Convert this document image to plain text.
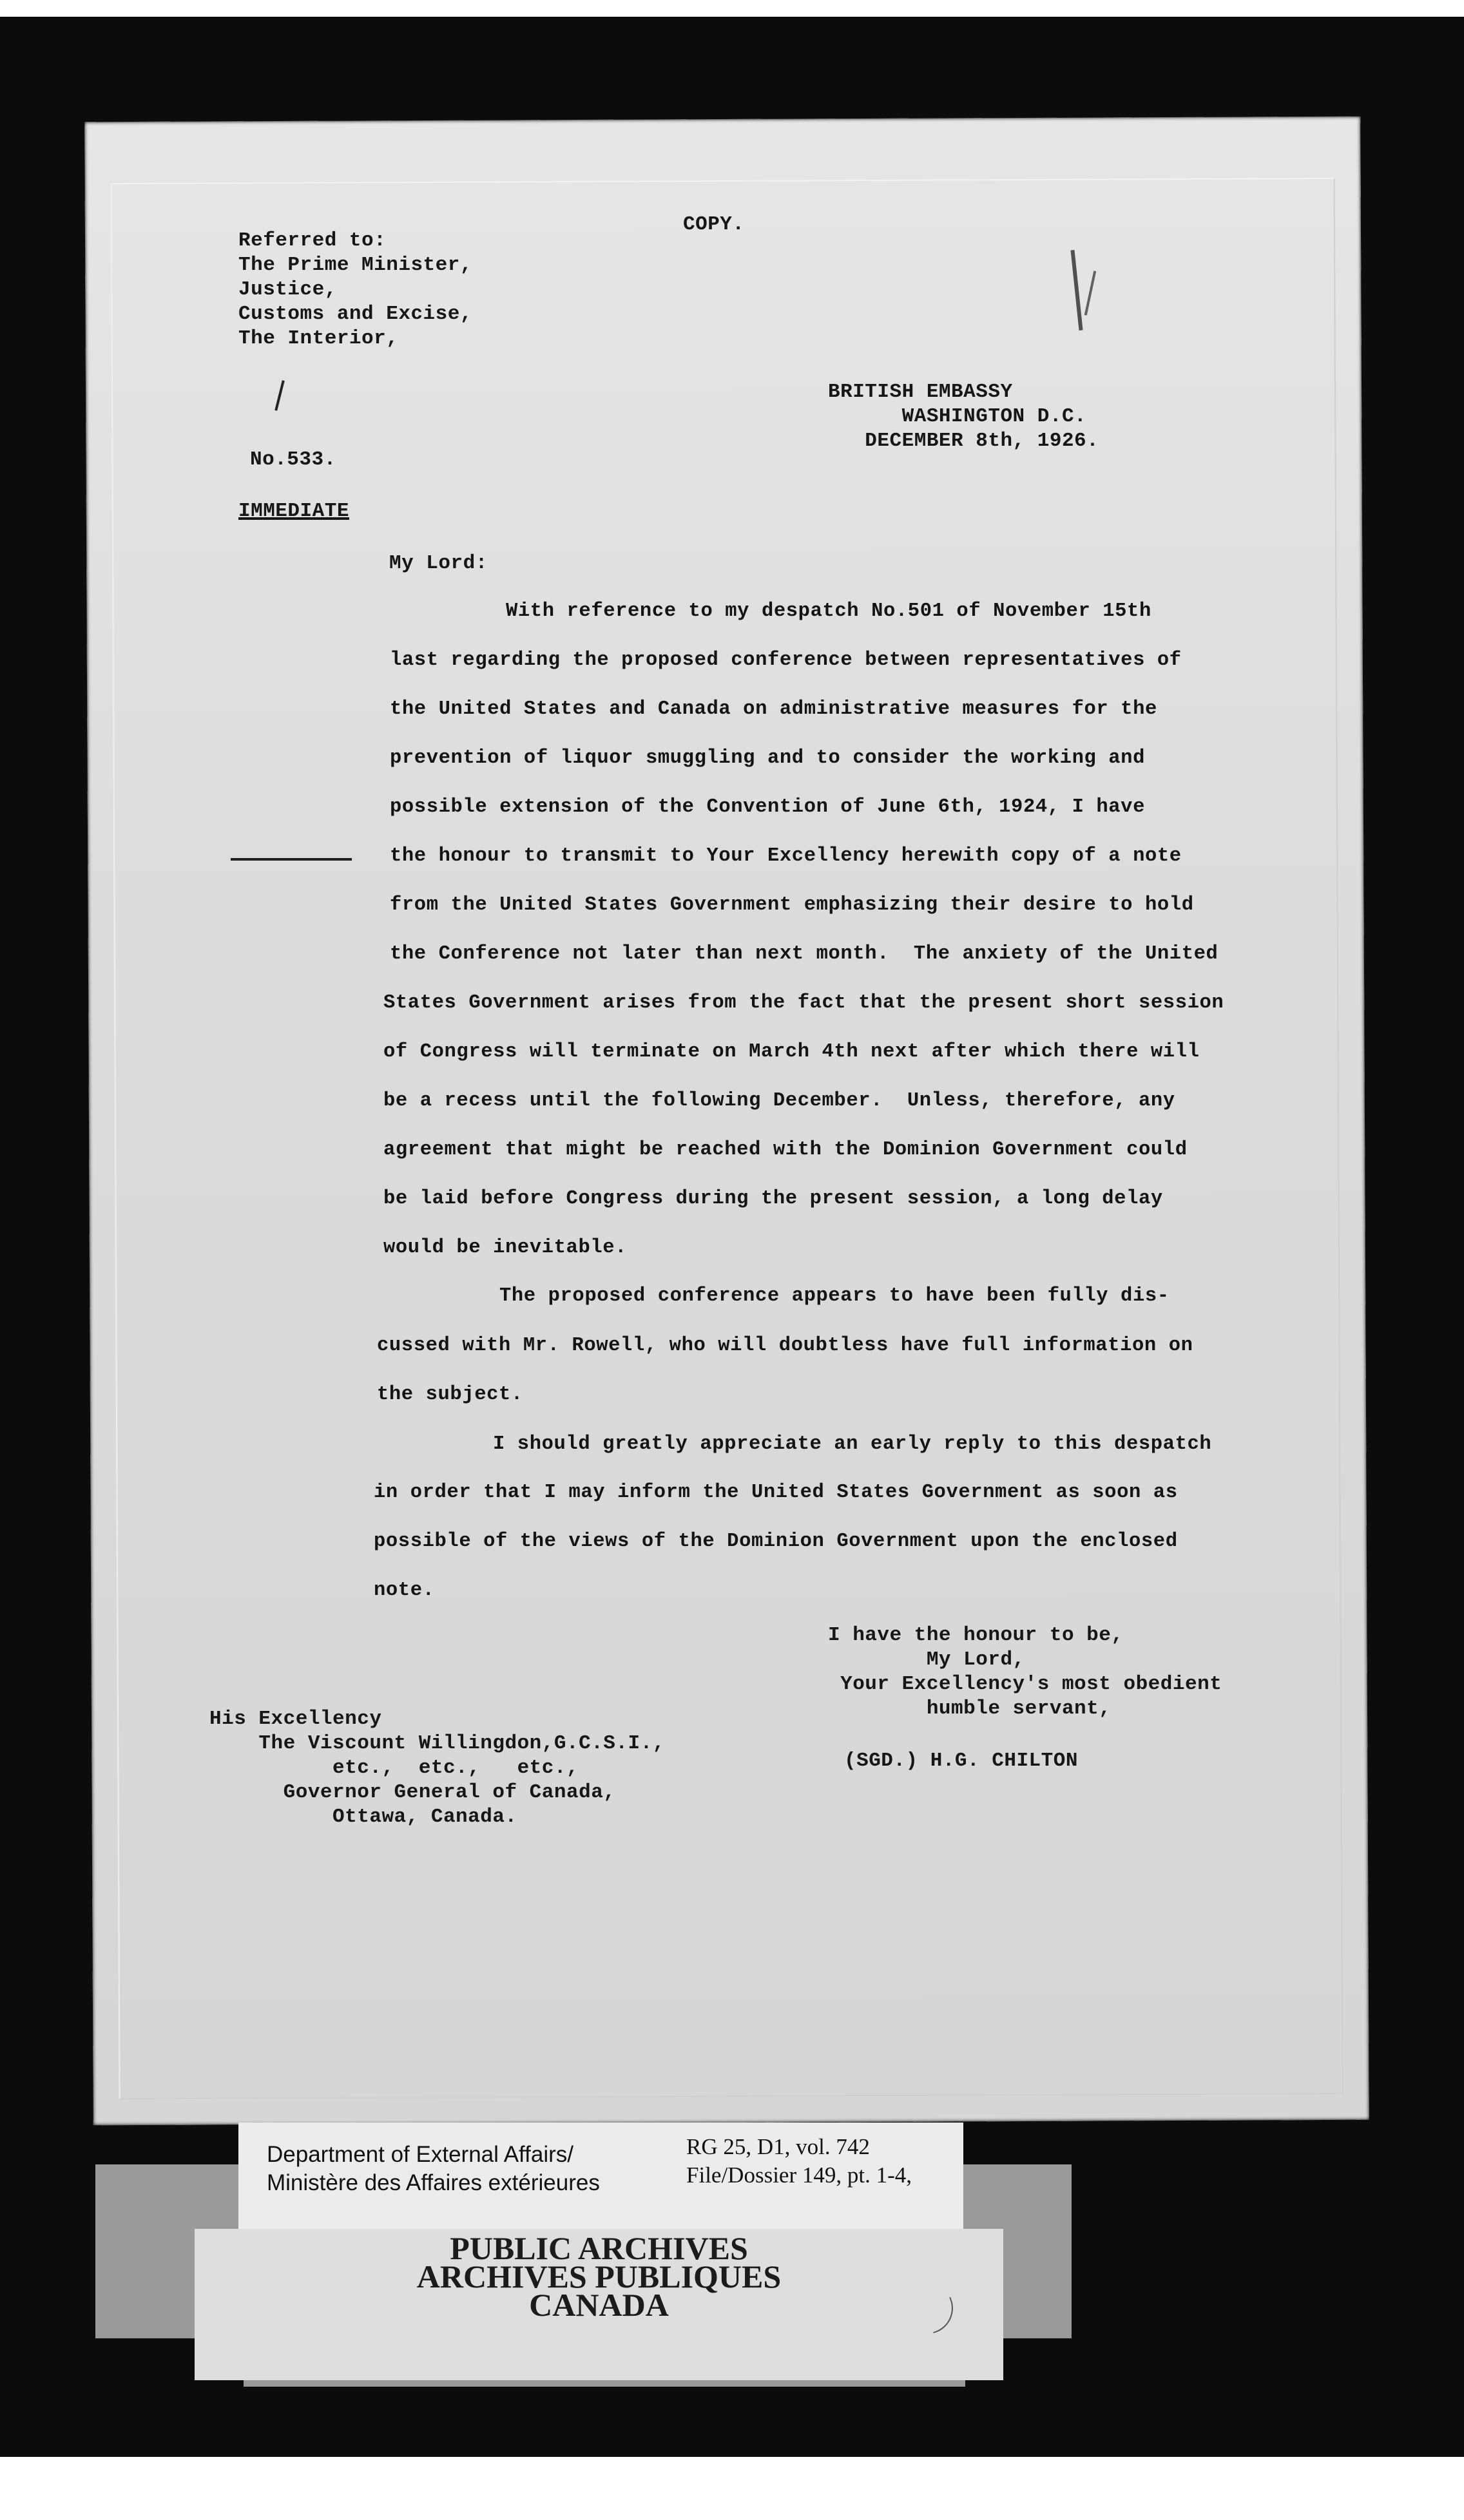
COPY.

Referred to:
The Prime Minister,
Justice,
Customs and Excise,
The Interior,

BRITISH EMBASSY
WASHINGTON D.C.
DECEMBER 8th, 1926.

No.533.

IMMEDIATE

My Lord:

With reference to my despatch No.501 of November 15th

last regarding the proposed conference between representatives of

the United States and Canada on administrative measures for the

prevention of liquor smuggling and to consider the working and

possible extension of the Convention of June 6th, 1924, I have

the honour to transmit to Your Excellency herewith copy of a note

from the United States Government emphasizing their desire to hold

the Conference not later than next month.  The anxiety of the United

States Government arises from the fact that the present short session

of Congress will terminate on March 4th next after which there will

be a recess until the following December.  Unless, therefore, any

agreement that might be reached with the Dominion Government could

be laid before Congress during the present session, a long delay

would be inevitable.

The proposed conference appears to have been fully dis-

cussed with Mr. Rowell, who will doubtless have full information on

the subject.

I should greatly appreciate an early reply to this despatch

in order that I may inform the United States Government as soon as

possible of the views of the Dominion Government upon the enclosed

note.

I have the honour to be,
My Lord,
Your Excellency's most obedient
humble servant,

(SGD.) H.G. CHILTON

His Excellency
The Viscount Willingdon,G.C.S.I.,
etc.,  etc.,   etc.,
Governor General of Canada,
Ottawa, Canada.

Department of External Affairs/
Ministère des Affaires extérieures
RG 25, D1, vol. 742
File/Dossier 149, pt. 1-4,
PUBLIC ARCHIVES
ARCHIVES PUBLIQUES
CANADA
